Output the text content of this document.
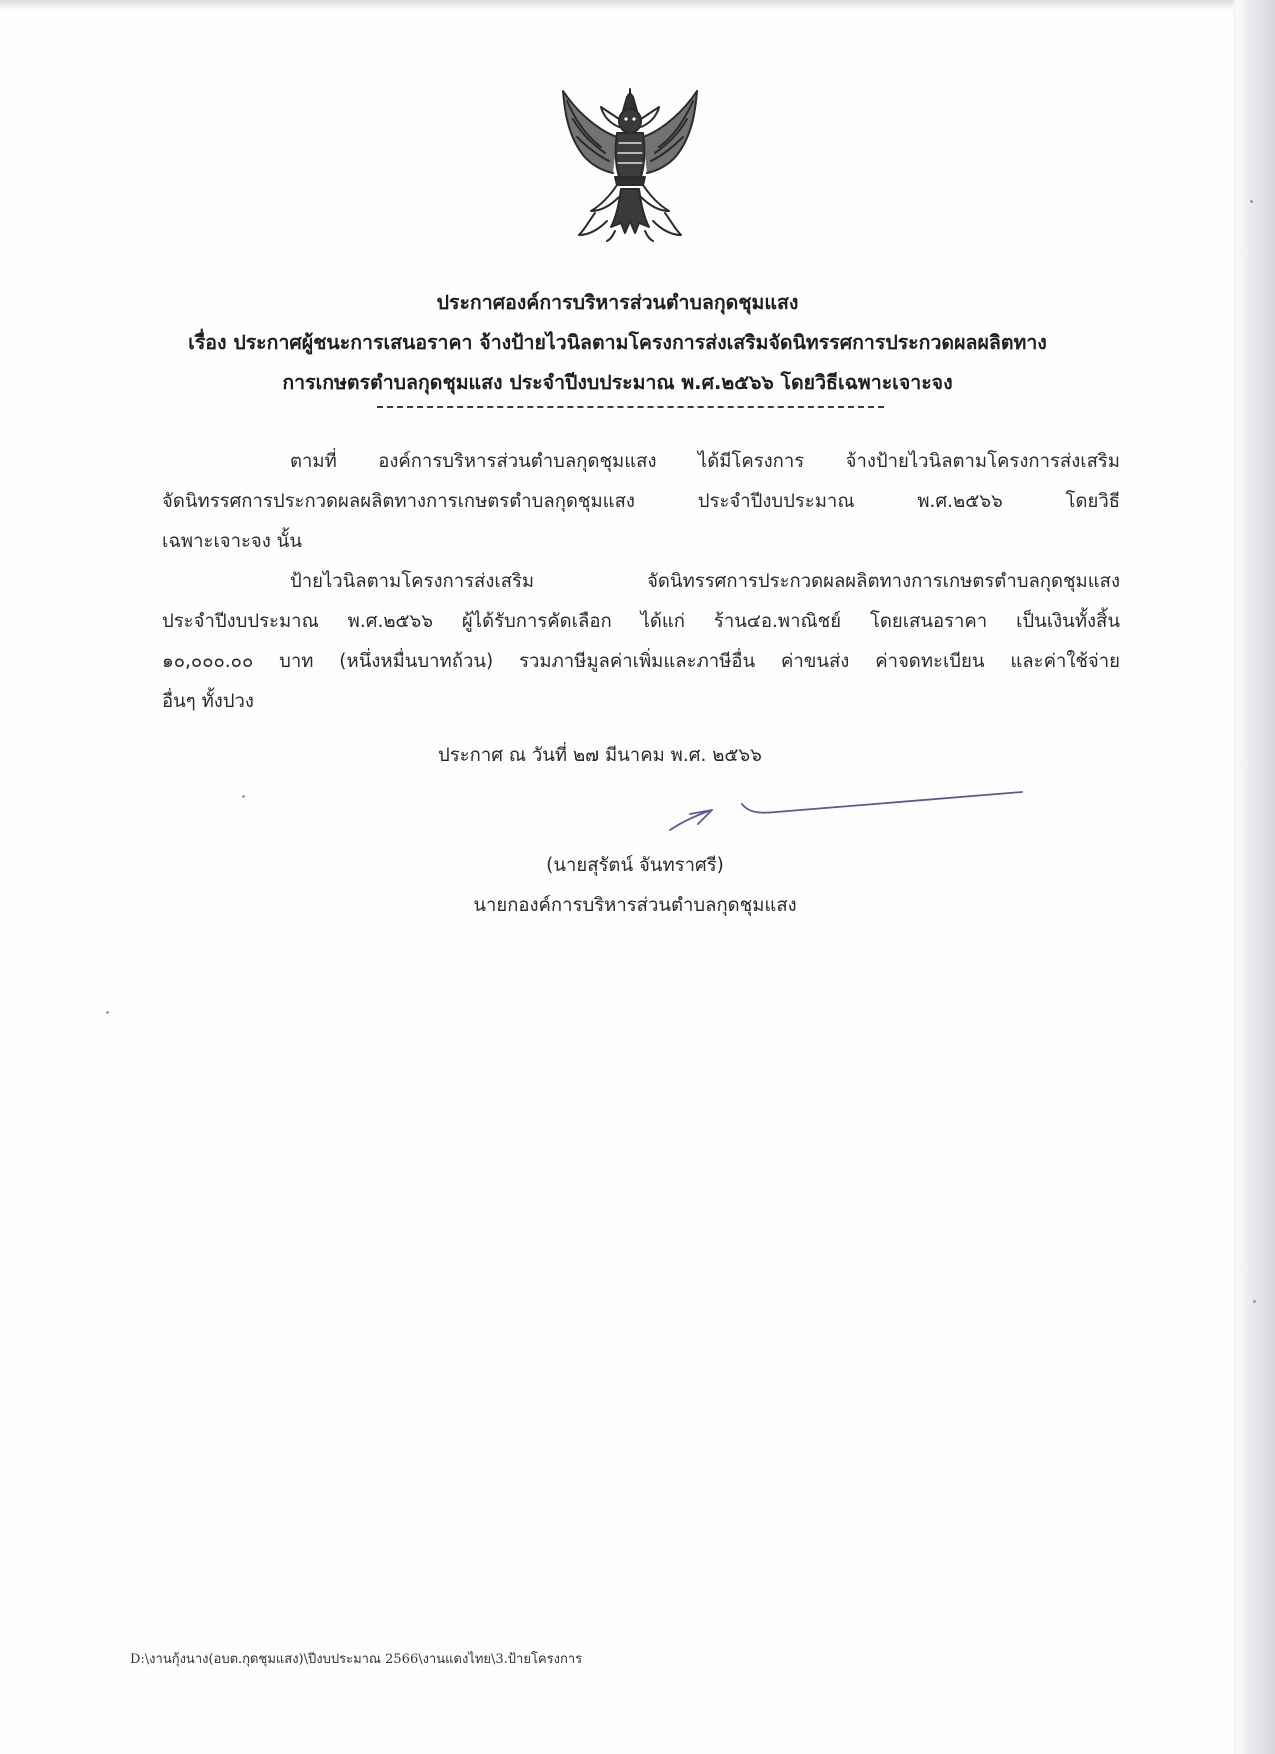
ประกาศองค์การบริหารส่วนตำบลกุดชุมแสง
เรื่อง ประกาศผู้ชนะการเสนอราคา จ้างป้ายไวนิลตามโครงการส่งเสริมจัดนิทรรศการประกวดผลผลิตทาง
การเกษตรตำบลกุดชุมแสง ประจำปีงบประมาณ พ.ศ.๒๕๖๖ โดยวิธีเฉพาะเจาะจง
ตามที่ องค์การบริหารส่วนตำบลกุดชุมแสง ได้มีโครงการ จ้างป้ายไวนิลตามโครงการส่งเสริม
จัดนิทรรศการประกวดผลผลิตทางการเกษตรตำบลกุดชุมแสง ประจำปีงบประมาณ พ.ศ.๒๕๖๖ โดยวิธี
เฉพาะเจาะจง นั้น
ป้ายไวนิลตามโครงการส่งเสริม จัดนิทรรศการประกวดผลผลิตทางการเกษตรตำบลกุดชุมแสง
ประจำปีงบประมาณ พ.ศ.๒๕๖๖ ผู้ได้รับการคัดเลือก ได้แก่ ร้าน๔อ.พาณิชย์ โดยเสนอราคา เป็นเงินทั้งสิ้น
๑๐,๐๐๐.๐๐ บาท (หนึ่งหมื่นบาทถ้วน) รวมภาษีมูลค่าเพิ่มและภาษีอื่น ค่าขนส่ง ค่าจดทะเบียน และค่าใช้จ่าย
อื่นๆ ทั้งปวง
ประกาศ ณ วันที่ ๒๗ มีนาคม พ.ศ. ๒๕๖๖
(นายสุรัตน์ จันทราศรี)
นายกองค์การบริหารส่วนตำบลกุดชุมแสง
D:\งานกุ้งนาง(อบต.กุดชุมแสง)\ปีงบประมาณ 2566\งานแดงไทย\3.ป้ายโครงการ
